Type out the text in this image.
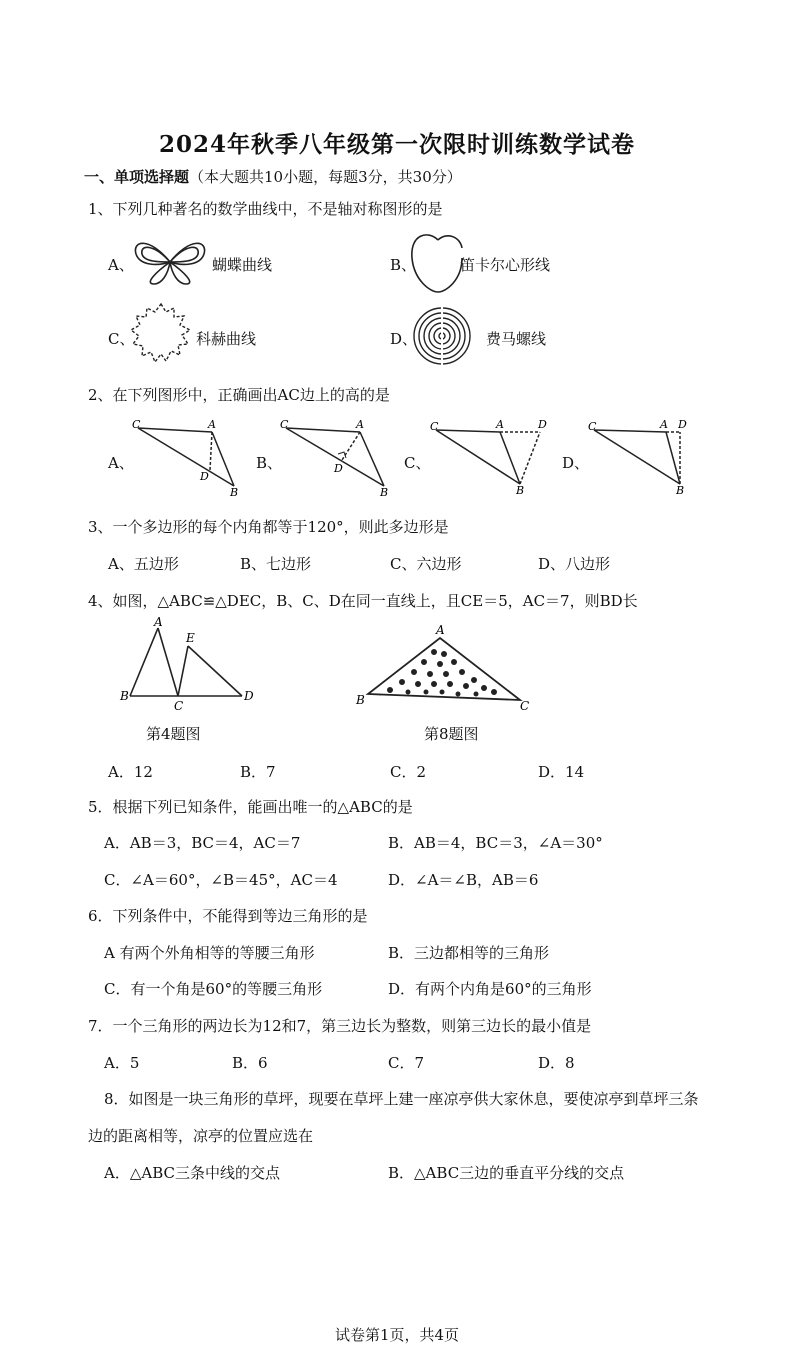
2024年秋季八年级第一次限时训练数学试卷
一、单项选择题（本大题共10小题，每题3分，共30分）
1、下列几种著名的数学曲线中，不是轴对称图形的是
A、	蝴蝶曲线	B、	笛卡尔心形线
C、	科赫曲线	D、	费马螺线
2、在下列图形中，正确画出AC边上的高的是
A、
C	A
D
B
B、
C	A
D
B
C、
C	A	D
B
D、
C	A D
B
3、一个多边形的每个内角都等于120°，则此多边形是
A、五边形	B、七边形	C、六边形	D、八边形
4、如图，△ABC≌△DEC，B、C、D在同一直线上，且CE＝5，AC＝7，则BD长
A
E
B
C
D
A
B	C
第4题图	第8题图
A．12	B．7	C．2	D．14
5．根据下列已知条件，能画出唯一的△ABC的是
A．AB＝3，BC＝4，AC＝7	B．AB＝4，BC＝3，∠A＝30°
C．∠A＝60°，∠B＝45°，AC＝4	D．∠A＝∠B，AB＝6
6．下列条件中，不能得到等边三角形的是
A 有两个外角相等的等腰三角形	B．三边都相等的三角形
C．有一个角是60°的等腰三角形	D．有两个内角是60°的三角形
7．一个三角形的两边长为12和7，第三边长为整数，则第三边长的最小值是
A．5	B．6	C．7	D．8
8．如图是一块三角形的草坪，现要在草坪上建一座凉亭供大家休息，要使凉亭到草坪三条
边的距离相等，凉亭的位置应选在
A．△ABC三条中线的交点	B．△ABC三边的垂直平分线的交点
试卷第1页，共4页
